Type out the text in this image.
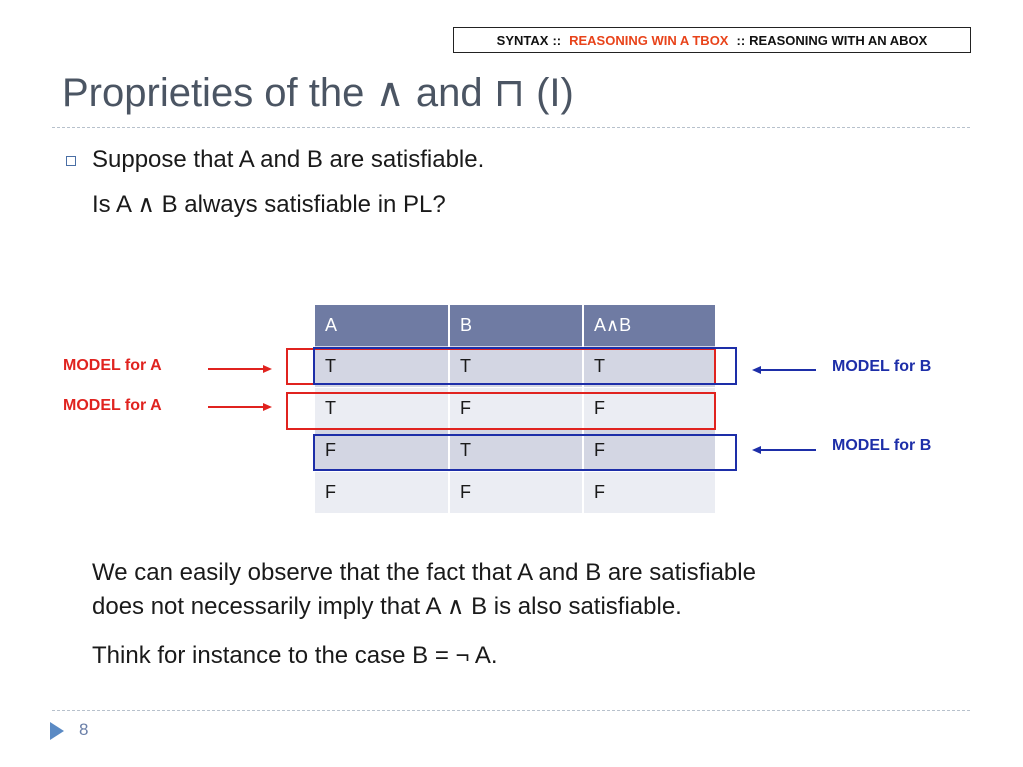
SYNTAX :: REASONING WIN A TBOX :: REASONING WITH AN ABOX
Proprieties of the ∧ and ⊓ (I)
Suppose that A and B are satisfiable.
Is A ∧ B always satisfiable in PL?
A	B	A∧B
T	T	T
T	F	F
F	T	F
F	F	F
MODEL for A
MODEL for A
MODEL for B
MODEL for B
We can easily observe that the fact that A and B are satisfiable
does not necessarily imply that A ∧ B is also satisfiable.
Think for instance to the case B = ¬ A.
8
